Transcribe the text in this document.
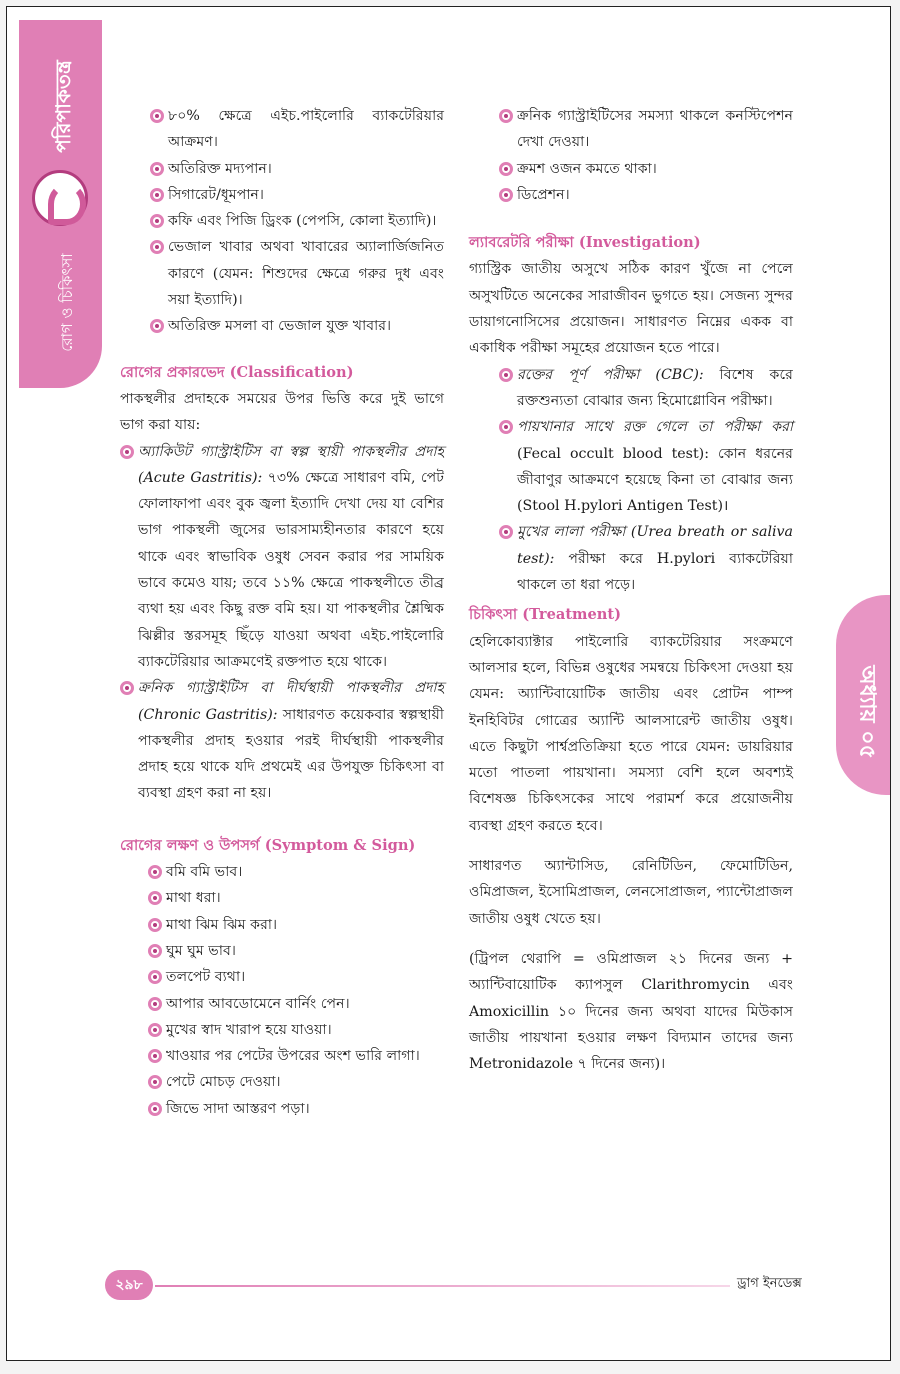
পরিপাকতন্ত্র
রোগ ও চিকিৎসা
অধ্যায় ০৫
৮০% ক্ষেত্রে এইচ.পাইলোরি ব্যাকটেরিয়ার আক্রমণ।
অতিরিক্ত মদ্যপান।
সিগারেট/ধূমপান।
কফি এবং পিজি ড্রিংক (পেপসি, কোলা ইত্যাদি)।
ভেজাল খাবার অথবা খাবারের অ্যালার্জিজনিত কারণে (যেমন: শিশুদের ক্ষেত্রে গরুর দুধ এবং সয়া ইত্যাদি)।
অতিরিক্ত মসলা বা ভেজাল যুক্ত খাবার।
রোগের প্রকারভেদ (Classification)
পাকস্থলীর প্রদাহকে সময়ের উপর ভিত্তি করে দুই ভাগে ভাগ করা যায়:
অ্যাকিউট গ্যাস্ট্রাইটিস বা স্বল্প স্থায়ী পাকস্থলীর প্রদাহ (Acute Gastritis): ৭৩% ক্ষেত্রে সাধারণ বমি, পেট ফোলাফাপা এবং বুক জ্বলা ইত্যাদি দেখা দেয় যা বেশির ভাগ পাকস্থলী জুসের ভারসাম্যহীনতার কারণে হয়ে থাকে এবং স্বাভাবিক ওষুধ সেবন করার পর সাময়িক ভাবে কমেও যায়; তবে ১১% ক্ষেত্রে পাকস্থলীতে তীব্র ব্যথা হয় এবং কিছু রক্ত বমি হয়। যা পাকস্থলীর শ্লৈষ্মিক ঝিল্লীর স্তরসমূহ ছিঁড়ে যাওয়া অথবা এইচ.পাইলোরি ব্যাকটেরিয়ার আক্রমণেই রক্তপাত হয়ে থাকে।
ক্রনিক গ্যাস্ট্রাইটিস বা দীর্ঘস্থায়ী পাকস্থলীর প্রদাহ (Chronic Gastritis): সাধারণত কয়েকবার স্বল্পস্থায়ী পাকস্থলীর প্রদাহ হওয়ার পরই দীর্ঘস্থায়ী পাকস্থলীর প্রদাহ হয়ে থাকে যদি প্রথমেই এর উপযুক্ত চিকিৎসা বা ব্যবস্থা গ্রহণ করা না হয়।
রোগের লক্ষণ ও উপসর্গ (Symptom & Sign)
বমি বমি ভাব।
মাথা ধরা।
মাথা ঝিম ঝিম করা।
ঘুম ঘুম ভাব।
তলপেট ব্যথা।
আপার আবডোমেনে বার্নিং পেন।
মুখের স্বাদ খারাপ হয়ে যাওয়া।
খাওয়ার পর পেটের উপরের অংশ ভারি লাগা।
পেটে মোচড় দেওয়া।
জিভে সাদা আস্তরণ পড়া।
ক্রনিক গ্যাস্ট্রাইটিসের সমস্যা থাকলে কনস্টিপেশন দেখা দেওয়া।
ক্রমশ ওজন কমতে থাকা।
ডিপ্রেশন।
ল্যাবরেটরি পরীক্ষা (Investigation)
গ্যাস্ট্রিক জাতীয় অসুখে সঠিক কারণ খুঁজে না পেলে অসুখটিতে অনেকের সারাজীবন ভুগতে হয়। সেজন্য সুন্দর ডায়াগনোসিসের প্রয়োজন। সাধারণত নিম্নের একক বা একাধিক পরীক্ষা সমূহের প্রয়োজন হতে পারে।
রক্তের পূর্ণ পরীক্ষা (CBC): বিশেষ করে রক্তশুন্যতা বোঝার জন্য হিমোগ্লোবিন পরীক্ষা।
পায়খানার সাথে রক্ত গেলে তা পরীক্ষা করা (Fecal occult blood test): কোন ধরনের জীবাণুর আক্রমণে হয়েছে কিনা তা বোঝার জন্য (Stool H.pylori Antigen Test)।
মুখের লালা পরীক্ষা (Urea breath or saliva test): পরীক্ষা করে H.pylori ব্যাকটেরিয়া থাকলে তা ধরা পড়ে।
চিকিৎসা (Treatment)
হেলিকোব্যাক্টার পাইলোরি ব্যাকটেরিয়ার সংক্রমণে আলসার হলে, বিভিন্ন ওষুধের সমন্বয়ে চিকিৎসা দেওয়া হয় যেমন: অ্যান্টিবায়োটিক জাতীয় এবং প্রোটন পাম্প ইনহিবিটর গোত্রের অ্যান্টি আলসারেন্ট জাতীয় ওষুধ। এতে কিছুটা পার্শ্বপ্রতিক্রিয়া হতে পারে যেমন: ডায়রিয়ার মতো পাতলা পায়খানা। সমস্যা বেশি হলে অবশ্যই বিশেষজ্ঞ চিকিৎসকের সাথে পরামর্শ করে প্রয়োজনীয় ব্যবস্থা গ্রহণ করতে হবে।
সাধারণত অ্যান্টাসিড, রেনিটিডিন, ফেমোটিডিন, ওমিপ্রাজল, ইসোমিপ্রাজল, লেনসোপ্রাজল, প্যান্টোপ্রাজল জাতীয় ওষুধ খেতে হয়।
(ট্রিপল থেরাপি = ওমিপ্রাজল ২১ দিনের জন্য + অ্যান্টিবায়োটিক ক্যাপসুল Clarithromycin এবং Amoxicillin ১০ দিনের জন্য অথবা যাদের মিউকাস জাতীয় পায়খানা হওয়ার লক্ষণ বিদ্যমান তাদের জন্য Metronidazole ৭ দিনের জন্য)।
২৯৮	ড্রাগ ইনডেক্স
